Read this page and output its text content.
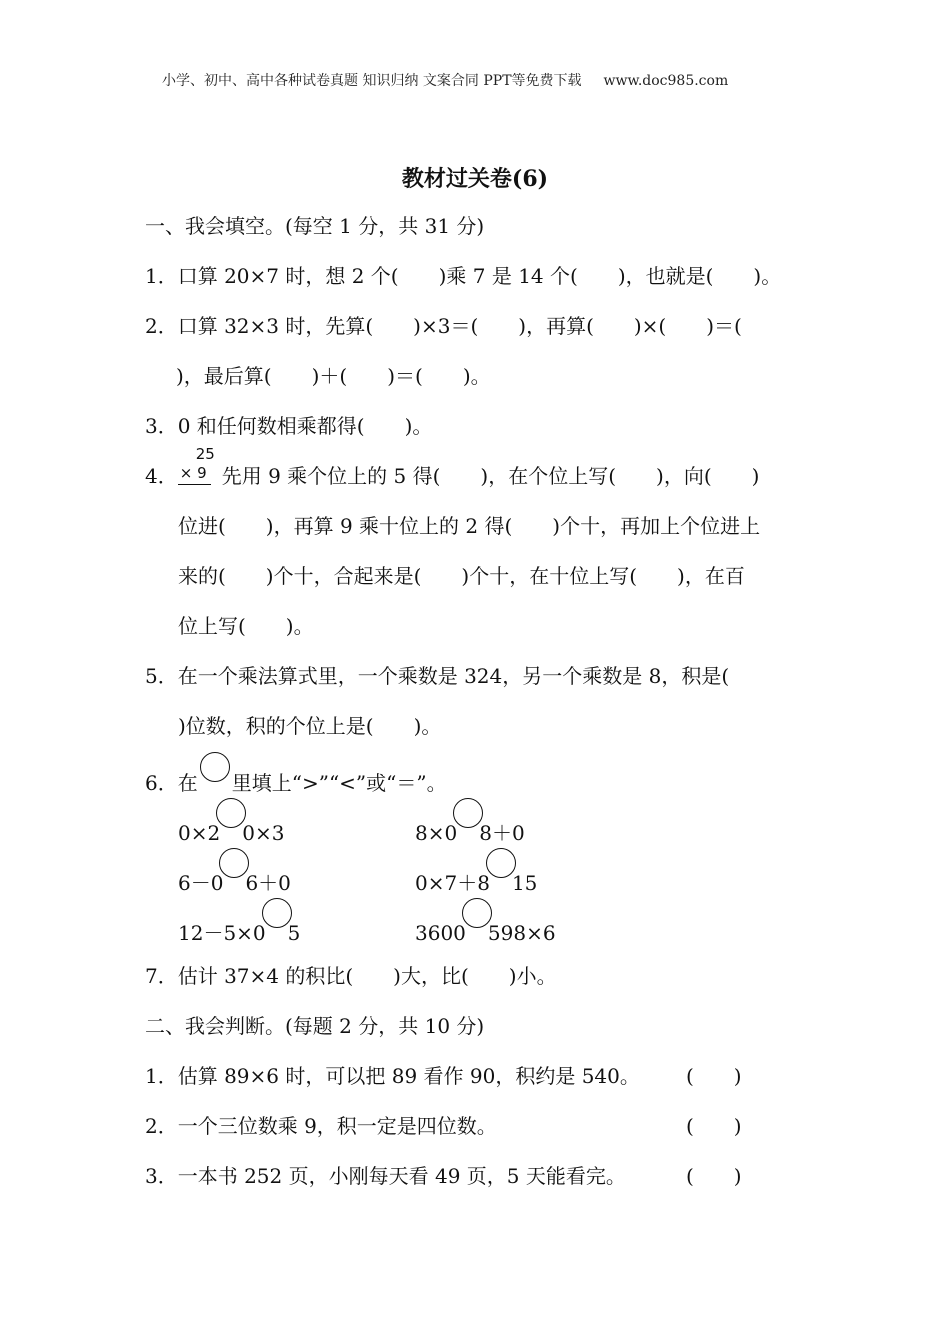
小学、初中、高中各种试卷真题 知识归纳 文案合同 PPT等免费下载 www.doc985.com
教材过关卷(6)
一、我会填空。(每空 1 分，共 31 分)
1．口算 20×7 时，想 2 个(　　)乘 7 是 14 个(　　)，也就是(　　)。
2．口算 32×3 时，先算(　　)×3＝(　　)，再算(　　)×(　　)＝(
)，最后算(　　)＋(　　)＝(　　)。
3．0 和任何数相乘都得(　　)。
4．
25
× 9 先用 9 乘个位上的 5 得(　　)，在个位上写(　　)，向(　　)
位进(　　)，再算 9 乘十位上的 2 得(　　)个十，再加上个位进上
来的(　　)个十，合起来是(　　)个十，在十位上写(　　)，在百
位上写(　　)。
5．在一个乘法算式里，一个乘数是 324，另一个乘数是 8，积是(
)位数，积的个位上是(　　)。
6．在 里填上“>”“<”或“＝”。
0×2 0×3	8×0 8＋0
6－0 6＋0	0×7＋8 15
12－5×0 5	3600 598×6
7．估计 37×4 的积比(　　)大，比(　　)小。
二、我会判断。(每题 2 分，共 10 分)
1．估算 89×6 时，可以把 89 看作 90，积约是 540。 (　　)
2．一个三位数乘 9，积一定是四位数。	(　　)
3．一本书 252 页，小刚每天看 49 页，5 天能看完。	(　　)
